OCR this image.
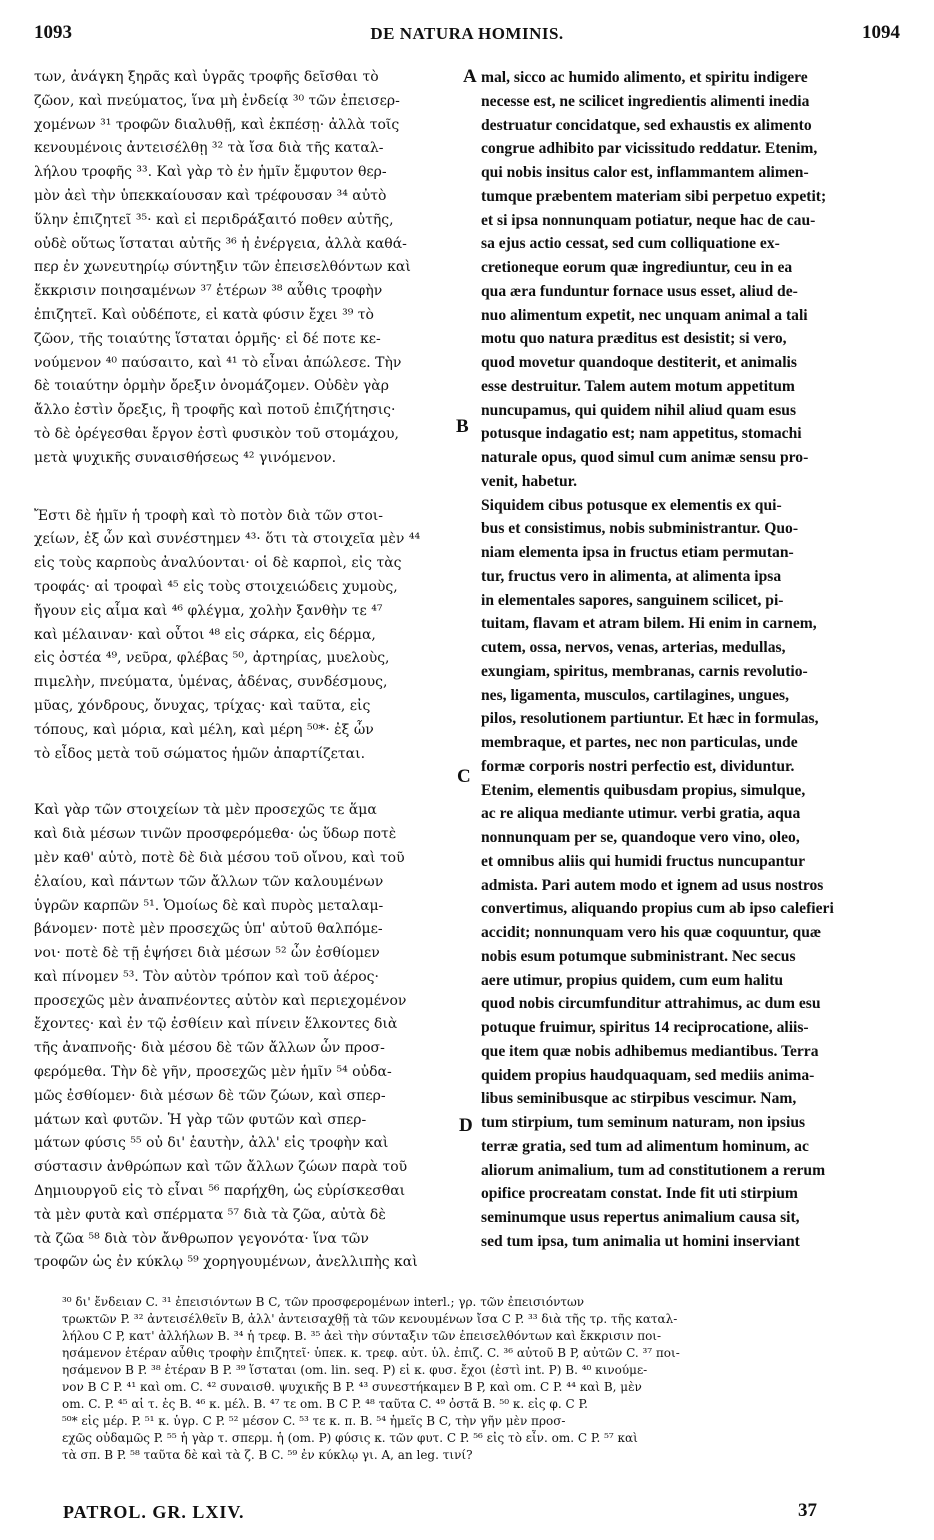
1093	DE NATURA HOMINIS.	1094
των, ἀνάγκη ξηρᾶς καὶ ὑγρᾶς τροφῆς δεῖσθαι τὸ
ζῶον, καὶ πνεύματος, ἵνα μὴ ἐνδείᾳ ³⁰ τῶν ἐπεισερ-
χομένων ³¹ τροφῶν διαλυθῇ, καὶ ἐκπέσῃ· ἀλλὰ τοῖς
κενουμένοις ἀντεισέλθῃ ³² τὰ ἴσα διὰ τῆς καταλ-
λήλου τροφῆς ³³. Καὶ γὰρ τὸ ἐν ἡμῖν ἔμφυτον θερ-
μὸν ἀεὶ τὴν ὑπεκκαίουσαν καὶ τρέφουσαν ³⁴ αὐτὸ
ὕλην ἐπιζητεῖ ³⁵· καὶ εἰ περιδράξαιτό ποθεν αὐτῆς,
οὐδὲ οὕτως ἵσταται αὐτῆς ³⁶ ἡ ἐνέργεια, ἀλλὰ καθά-
περ ἐν χωνευτηρίῳ σύντηξιν τῶν ἐπεισελθόντων καὶ
ἔκκρισιν ποιησαμένων ³⁷ ἑτέρων ³⁸ αὖθις τροφὴν
ἐπιζητεῖ. Καὶ οὐδέποτε, εἰ κατὰ φύσιν ἔχει ³⁹ τὸ
ζῶον, τῆς τοιαύτης ἵσταται ὁρμῆς· εἰ δέ ποτε κε-
νούμενον ⁴⁰ παύσαιτο, καὶ ⁴¹ τὸ εἶναι ἀπώλεσε. Τὴν
δὲ τοιαύτην ὁρμὴν ὄρεξιν ὀνομάζομεν. Οὐδὲν γὰρ
ἄλλο ἐστὶν ὄρεξις, ἢ τροφῆς καὶ ποτοῦ ἐπιζήτησις·
τὸ δὲ ὀρέγεσθαι ἔργον ἐστὶ φυσικὸν τοῦ στομάχου,
μετὰ ψυχικῆς συναισθήσεως ⁴² γινόμενον.
Ἔστι δὲ ἡμῖν ἡ τροφὴ καὶ τὸ ποτὸν διὰ τῶν στοι-
χείων, ἐξ ὧν καὶ συνέστημεν ⁴³· ὅτι τὰ στοιχεῖα μὲν ⁴⁴
εἰς τοὺς καρποὺς ἀναλύονται· οἱ δὲ καρποὶ, εἰς τὰς
τροφάς· αἱ τροφαὶ ⁴⁵ εἰς τοὺς στοιχειώδεις χυμοὺς,
ἤγουν εἰς αἷμα καὶ ⁴⁶ φλέγμα, χολὴν ξανθὴν τε ⁴⁷
καὶ μέλαιναν· καὶ οὗτοι ⁴⁸ εἰς σάρκα, εἰς δέρμα,
εἰς ὀστέα ⁴⁹, νεῦρα, φλέβας ⁵⁰, ἀρτηρίας, μυελοὺς,
πιμελὴν, πνεύματα, ὑμένας, ἀδένας, συνδέσμους,
μῦας, χόνδρους, ὄνυχας, τρίχας· καὶ ταῦτα, εἰς
τόπους, καὶ μόρια, καὶ μέλη, καὶ μέρη ⁵⁰*· ἐξ ὧν
τὸ εἶδος μετὰ τοῦ σώματος ἡμῶν ἀπαρτίζεται.
Καὶ γὰρ τῶν στοιχείων τὰ μὲν προσεχῶς τε ἅμα
καὶ διὰ μέσων τινῶν προσφερόμεθα· ὡς ὕδωρ ποτὲ
μὲν καθ' αὑτὸ, ποτὲ δὲ διὰ μέσου τοῦ οἴνου, καὶ τοῦ
ἐλαίου, καὶ πάντων τῶν ἄλλων τῶν καλουμένων
ὑγρῶν καρπῶν ⁵¹. Ὁμοίως δὲ καὶ πυρὸς μεταλαμ-
βάνομεν· ποτὲ μὲν προσεχῶς ὑπ' αὐτοῦ θαλπόμε-
νοι· ποτὲ δὲ τῇ ἑψήσει διὰ μέσων ⁵² ὧν ἐσθίομεν
καὶ πίνομεν ⁵³. Τὸν αὐτὸν τρόπον καὶ τοῦ ἀέρος·
προσεχῶς μὲν ἀναπνέοντες αὐτὸν καὶ περιεχομένον
ἔχοντες· καὶ ἐν τῷ ἐσθίειν καὶ πίνειν ἕλκοντες διὰ
τῆς ἀναπνοῆς· διὰ μέσου δὲ τῶν ἄλλων ὧν προσ-
φερόμεθα. Τὴν δὲ γῆν, προσεχῶς μὲν ἡμῖν ⁵⁴ οὐδα-
μῶς ἐσθίομεν· διὰ μέσων δὲ τῶν ζώων, καὶ σπερ-
μάτων καὶ φυτῶν. Ἡ γὰρ τῶν φυτῶν καὶ σπερ-
μάτων φύσις ⁵⁵ οὐ δι' ἑαυτὴν, ἀλλ' εἰς τροφὴν καὶ
σύστασιν ἀνθρώπων καὶ τῶν ἄλλων ζώων παρὰ τοῦ
Δημιουργοῦ εἰς τὸ εἶναι ⁵⁶ παρήχθη, ὡς εὑρίσκεσθαι
τὰ μὲν φυτὰ καὶ σπέρματα ⁵⁷ διὰ τὰ ζῶα, αὐτὰ δὲ
τὰ ζῶα ⁵⁸ διὰ τὸν ἄνθρωπον γεγονότα· ἵνα τῶν
τροφῶν ὡς ἐν κύκλῳ ⁵⁹ χορηγουμένων, ἀνελλιπὴς καὶ
mal, sicco ac humido alimento, et spiritu indigere
necesse est, ne scilicet ingredientis alimenti inedia
destruatur concidatque, sed exhaustis ex alimento
congrue adhibito par vicissitudo reddatur. Etenim,
qui nobis insitus calor est, inflammantem alimen-
tumque præbentem materiam sibi perpetuo expetit;
et si ipsa nonnunquam potiatur, neque hac de cau-
sa ejus actio cessat, sed cum colliquatione ex-
cretioneque eorum quæ ingrediuntur, ceu in ea
qua æra funduntur fornace usus esset, aliud de-
nuo alimentum expetit, nec unquam animal a tali
motu quo natura præditus est desistit; si vero,
quod movetur quandoque destiterit, et animalis
esse destruitur. Talem autem motum appetitum
nuncupamus, qui quidem nihil aliud quam esus
potusque indagatio est; nam appetitus, stomachi
naturale opus, quod simul cum animæ sensu pro-
venit, habetur.
Siquidem cibus potusque ex elementis ex qui-
bus et consistimus, nobis subministrantur. Quo-
niam elementa ipsa in fructus etiam permutan-
tur, fructus vero in alimenta, at alimenta ipsa
in elementales sapores, sanguinem scilicet, pi-
tuitam, flavam et atram bilem. Hi enim in carnem,
cutem, ossa, nervos, venas, arterias, medullas,
exungiam, spiritus, membranas, carnis revolutio-
nes, ligamenta, musculos, cartilagines, ungues,
pilos, resolutionem partiuntur. Et hæc in formulas,
membraque, et partes, nec non particulas, unde
formæ corporis nostri perfectio est, dividuntur.
Etenim, elementis quibusdam propius, simulque,
ac re aliqua mediante utimur. verbi gratia, aqua
nonnunquam per se, quandoque vero vino, oleo,
et omnibus aliis qui humidi fructus nuncupantur
admista. Pari autem modo et ignem ad usus nostros
convertimus, aliquando propius cum ab ipso calefieri
accidit; nonnunquam vero his quæ coquuntur, quæ
nobis esum potumque subministrant. Nec secus
aere utimur, propius quidem, cum eum halitu
quod nobis circumfunditur attrahimus, ac dum esu
potuque fruimur, spiritus 14 reciprocatione, aliis-
que item quæ nobis adhibemus mediantibus. Terra
quidem propius haudquaquam, sed mediis anima-
libus seminibusque ac stirpibus vescimur. Nam,
tum stirpium, tum seminum naturam, non ipsius
terræ gratia, sed tum ad alimentum hominum, ac
aliorum animalium, tum ad constitutionem a rerum
opifice procreatam constat. Inde fit uti stirpium
seminumque usus repertus animalium causa sit,
sed tum ipsa, tum animalia ut homini inserviant
A
B
C
D
³⁰ δι' ἔνδειαν C. ³¹ ἐπεισιόντων B C, τῶν προσφερομένων interl.; γρ. τῶν ἐπεισιόντων
τρωκτῶν P. ³² ἀντεισέλθεῖν B, ἀλλ' ἀντεισαχθῇ τὰ τῶν κενουμένων ἴσα C P. ³³ διὰ τῆς τρ. τῆς καταλ-
λήλου C P, κατ' ἀλλήλων B. ³⁴ ἡ τρεφ. B. ³⁵ ἀεὶ τὴν σύνταξιν τῶν ἐπεισελθόντων καὶ ἔκκρισιν ποι-
ησάμενον ἑτέραν αὖθις τροφὴν ἐπιζητεῖ· ὑπεκ. κ. τρεφ. αὐτ. ὑλ. ἐπιζ. C. ³⁶ αὐτοῦ B P, αὐτῶν C. ³⁷ ποι-
ησάμενον B P. ³⁸ ἑτέραν B P. ³⁹ ἵσταται (om. lin. seq. P) εἰ κ. φυσ. ἔχοι (ἐστὶ int. P) B. ⁴⁰ κινούμε-
νον B C P. ⁴¹ καὶ om. C. ⁴² συναισθ. ψυχικῆς B P. ⁴³ συνεστήκαμεν B P, καὶ om. C P. ⁴⁴ καὶ B, μὲν
om. C. P. ⁴⁵ αἱ τ. ἐς B. ⁴⁶ κ. μέλ. B. ⁴⁷ τε om. B C P. ⁴⁸ ταῦτα C. ⁴⁹ ὀστᾶ B. ⁵⁰ κ. εἰς φ. C P.
⁵⁰* εἰς μέρ. P. ⁵¹ κ. ὑγρ. C P. ⁵² μέσον C. ⁵³ τε κ. π. B. ⁵⁴ ἡμεῖς B C, τὴν γῆν μὲν προσ-
εχῶς οὐδαμῶς P. ⁵⁵ ἡ γὰρ τ. σπερμ. ἡ (om. P) φύσις κ. τῶν φυτ. C P. ⁵⁶ εἰς τὸ εἶν. om. C P. ⁵⁷ καὶ
τὰ σπ. B P. ⁵⁸ ταῦτα δὲ καὶ τὰ ζ. B C. ⁵⁹ ἐν κύκλῳ γι. A, an leg. τινί?
PATROL. GR. LXIV.	37
